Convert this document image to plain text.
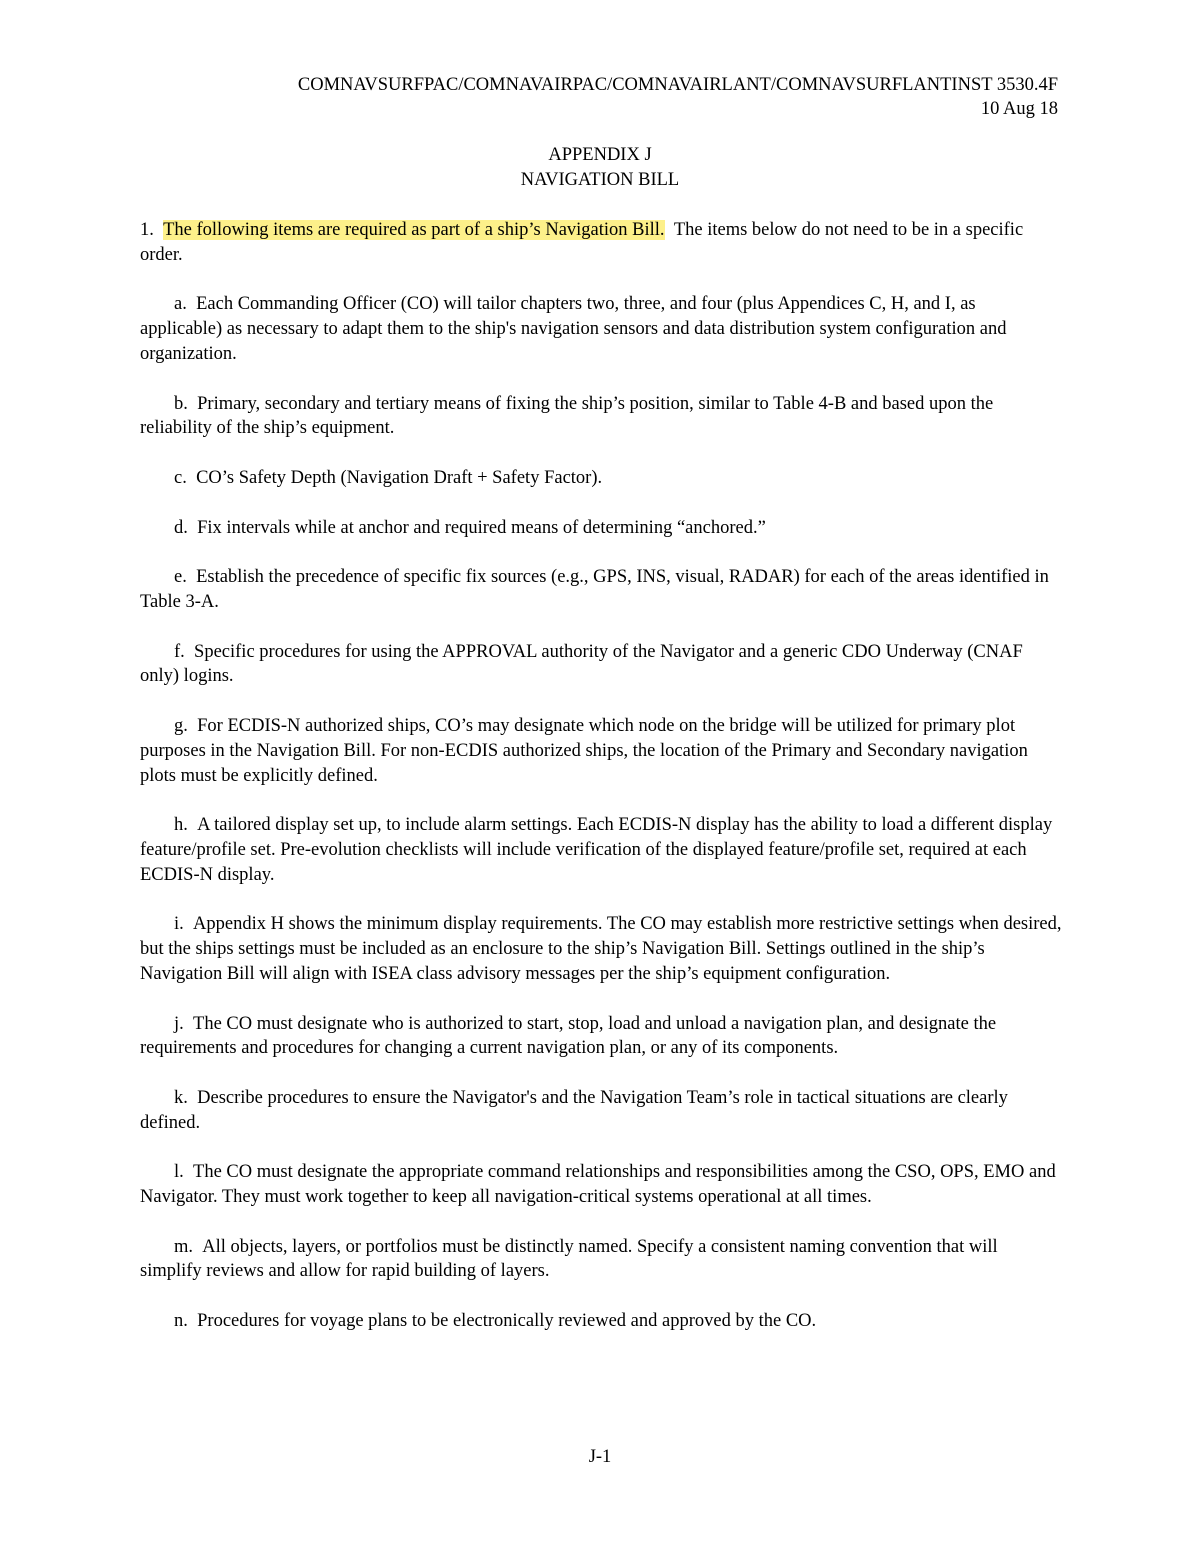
COMNAVSURFPAC/COMNAVAIRPAC/COMNAVAIRLANT/COMNAVSURFLANTINST 3530.4F
10 Aug 18
APPENDIX J
NAVIGATION BILL

1. The following items are required as part of a ship’s Navigation Bill. The items below do not need to be in a specific order.

a. Each Commanding Officer (CO) will tailor chapters two, three, and four (plus Appendices C, H, and I, as applicable) as necessary to adapt them to the ship's navigation sensors and data distribution system configuration and organization.

b. Primary, secondary and tertiary means of fixing the ship’s position, similar to Table 4-B and based upon the reliability of the ship’s equipment.

c. CO’s Safety Depth (Navigation Draft + Safety Factor).

d. Fix intervals while at anchor and required means of determining “anchored.”

e. Establish the precedence of specific fix sources (e.g., GPS, INS, visual, RADAR) for each of the areas identified in Table 3-A.

f. Specific procedures for using the APPROVAL authority of the Navigator and a generic CDO Underway (CNAF only) logins.

g. For ECDIS-N authorized ships, CO’s may designate which node on the bridge will be utilized for primary plot purposes in the Navigation Bill. For non-ECDIS authorized ships, the location of the Primary and Secondary navigation plots must be explicitly defined.

h. A tailored display set up, to include alarm settings. Each ECDIS-N display has the ability to load a different display feature/profile set. Pre-evolution checklists will include verification of the displayed feature/profile set, required at each ECDIS-N display.

i. Appendix H shows the minimum display requirements. The CO may establish more restrictive settings when desired, but the ships settings must be included as an enclosure to the ship’s Navigation Bill. Settings outlined in the ship’s Navigation Bill will align with ISEA class advisory messages per the ship’s equipment configuration.

j. The CO must designate who is authorized to start, stop, load and unload a navigation plan, and designate the requirements and procedures for changing a current navigation plan, or any of its components.

k. Describe procedures to ensure the Navigator's and the Navigation Team’s role in tactical situations are clearly defined.

l. The CO must designate the appropriate command relationships and responsibilities among the CSO, OPS, EMO and Navigator. They must work together to keep all navigation-critical systems operational at all times.

m. All objects, layers, or portfolios must be distinctly named. Specify a consistent naming convention that will simplify reviews and allow for rapid building of layers.

n. Procedures for voyage plans to be electronically reviewed and approved by the CO.

J-1
